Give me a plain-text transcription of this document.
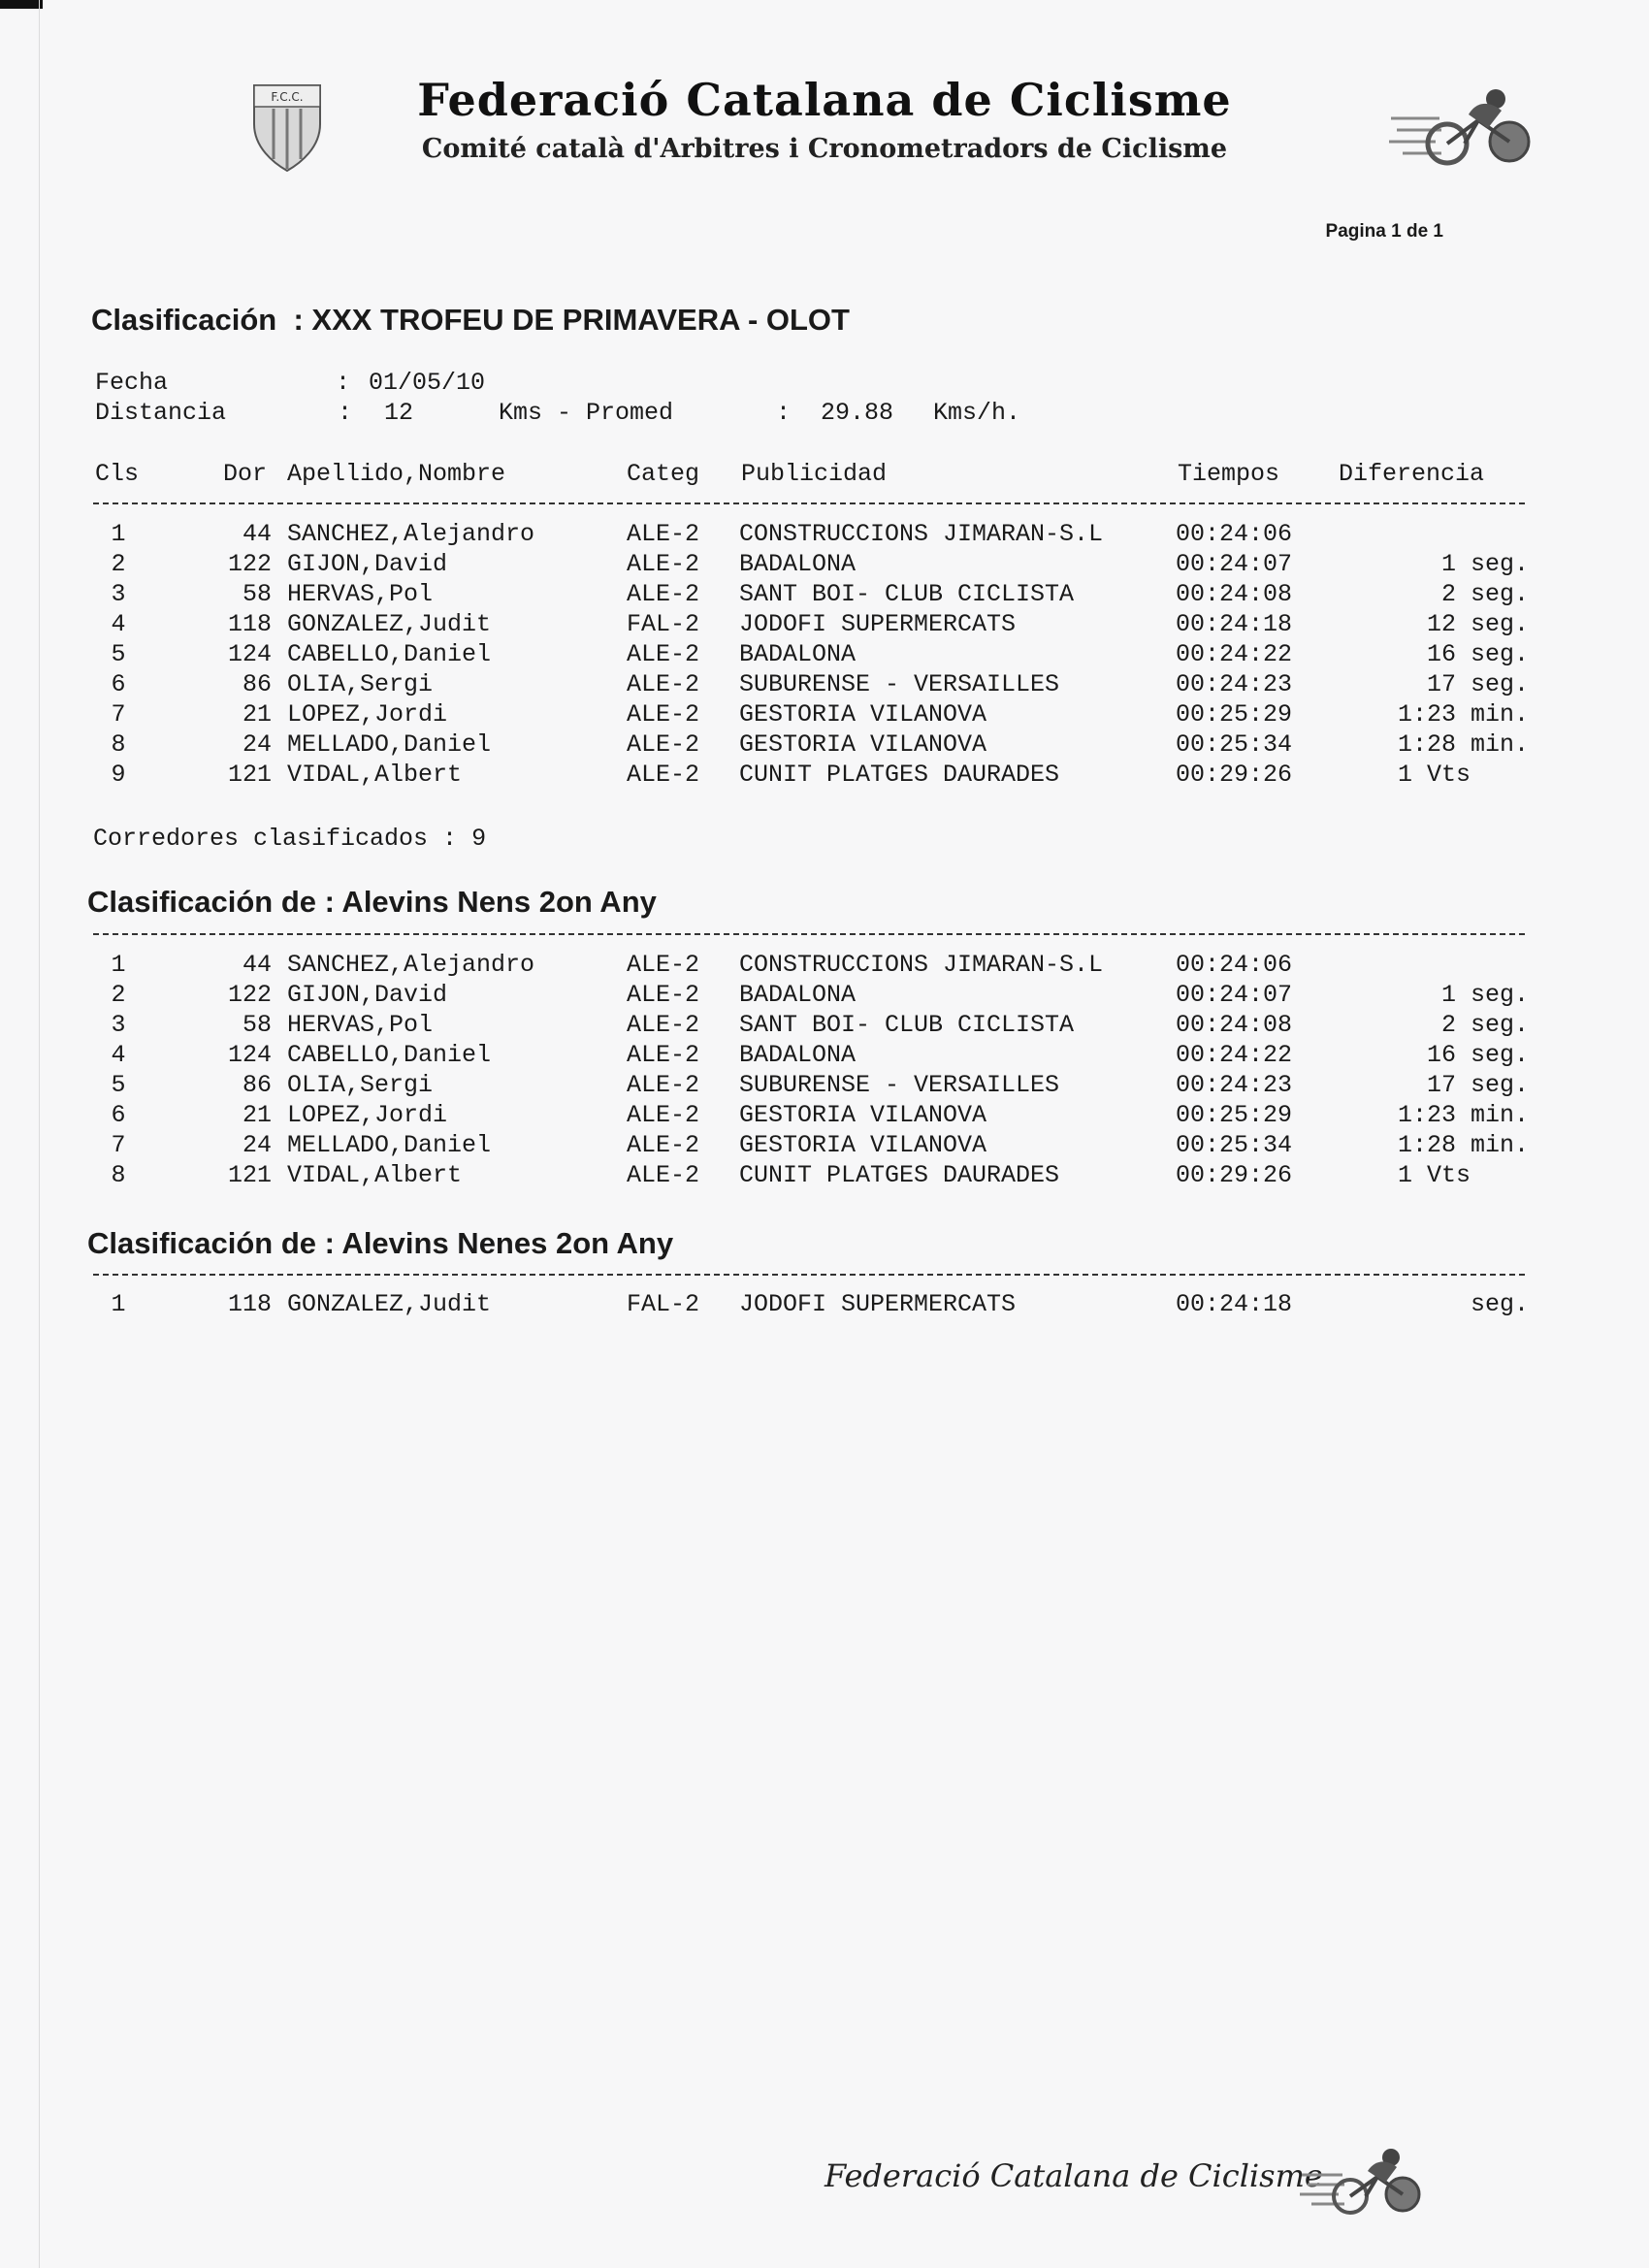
F.C.C.	Federació Catalana de Ciclisme
Comité català d'Arbitres i Cronometradors de Ciclisme
Pagina 1 de 1
Clasificación  : XXX TROFEU DE PRIMAVERA - OLOT
Fecha	: 01/05/10
Distancia	: 12	Kms - Promed	: 29.88 Kms/h.
Cls	Dor Apellido,Nombre	Categ Publicidad	Tiempos Diferencia
1	44 SANCHEZ,Alejandro	ALE-2 CONSTRUCCIONS JIMARAN-S.L	00:24:06
2	122 GIJON,David	ALE-2 BADALONA	00:24:07	1 seg.
3	58 HERVAS,Pol	ALE-2 SANT BOI- CLUB CICLISTA	00:24:08	2 seg.
4	118 GONZALEZ,Judit	FAL-2 JODOFI SUPERMERCATS	00:24:18	12 seg.
5	124 CABELLO,Daniel	ALE-2 BADALONA	00:24:22	16 seg.
6	86 OLIA,Sergi	ALE-2 SUBURENSE - VERSAILLES	00:24:23	17 seg.
7	21 LOPEZ,Jordi	ALE-2 GESTORIA VILANOVA	00:25:29	1:23 min.
8	24 MELLADO,Daniel	ALE-2 GESTORIA VILANOVA	00:25:34	1:28 min.
9	121 VIDAL,Albert	ALE-2 CUNIT PLATGES DAURADES	00:29:26	1 Vts
Corredores clasificados : 9
Clasificación de : Alevins Nens 2on Any
1	44 SANCHEZ,Alejandro	ALE-2 CONSTRUCCIONS JIMARAN-S.L	00:24:06
2	122 GIJON,David	ALE-2 BADALONA	00:24:07	1 seg.
3	58 HERVAS,Pol	ALE-2 SANT BOI- CLUB CICLISTA	00:24:08	2 seg.
4	124 CABELLO,Daniel	ALE-2 BADALONA	00:24:22	16 seg.
5	86 OLIA,Sergi	ALE-2 SUBURENSE - VERSAILLES	00:24:23	17 seg.
6	21 LOPEZ,Jordi	ALE-2 GESTORIA VILANOVA	00:25:29	1:23 min.
7	24 MELLADO,Daniel	ALE-2 GESTORIA VILANOVA	00:25:34	1:28 min.
8	121 VIDAL,Albert	ALE-2 CUNIT PLATGES DAURADES	00:29:26	1 Vts
Clasificación de : Alevins Nenes 2on Any
1	118 GONZALEZ,Judit	FAL-2 JODOFI SUPERMERCATS	00:24:18	seg.
Federació Catalana de Ciclisme
